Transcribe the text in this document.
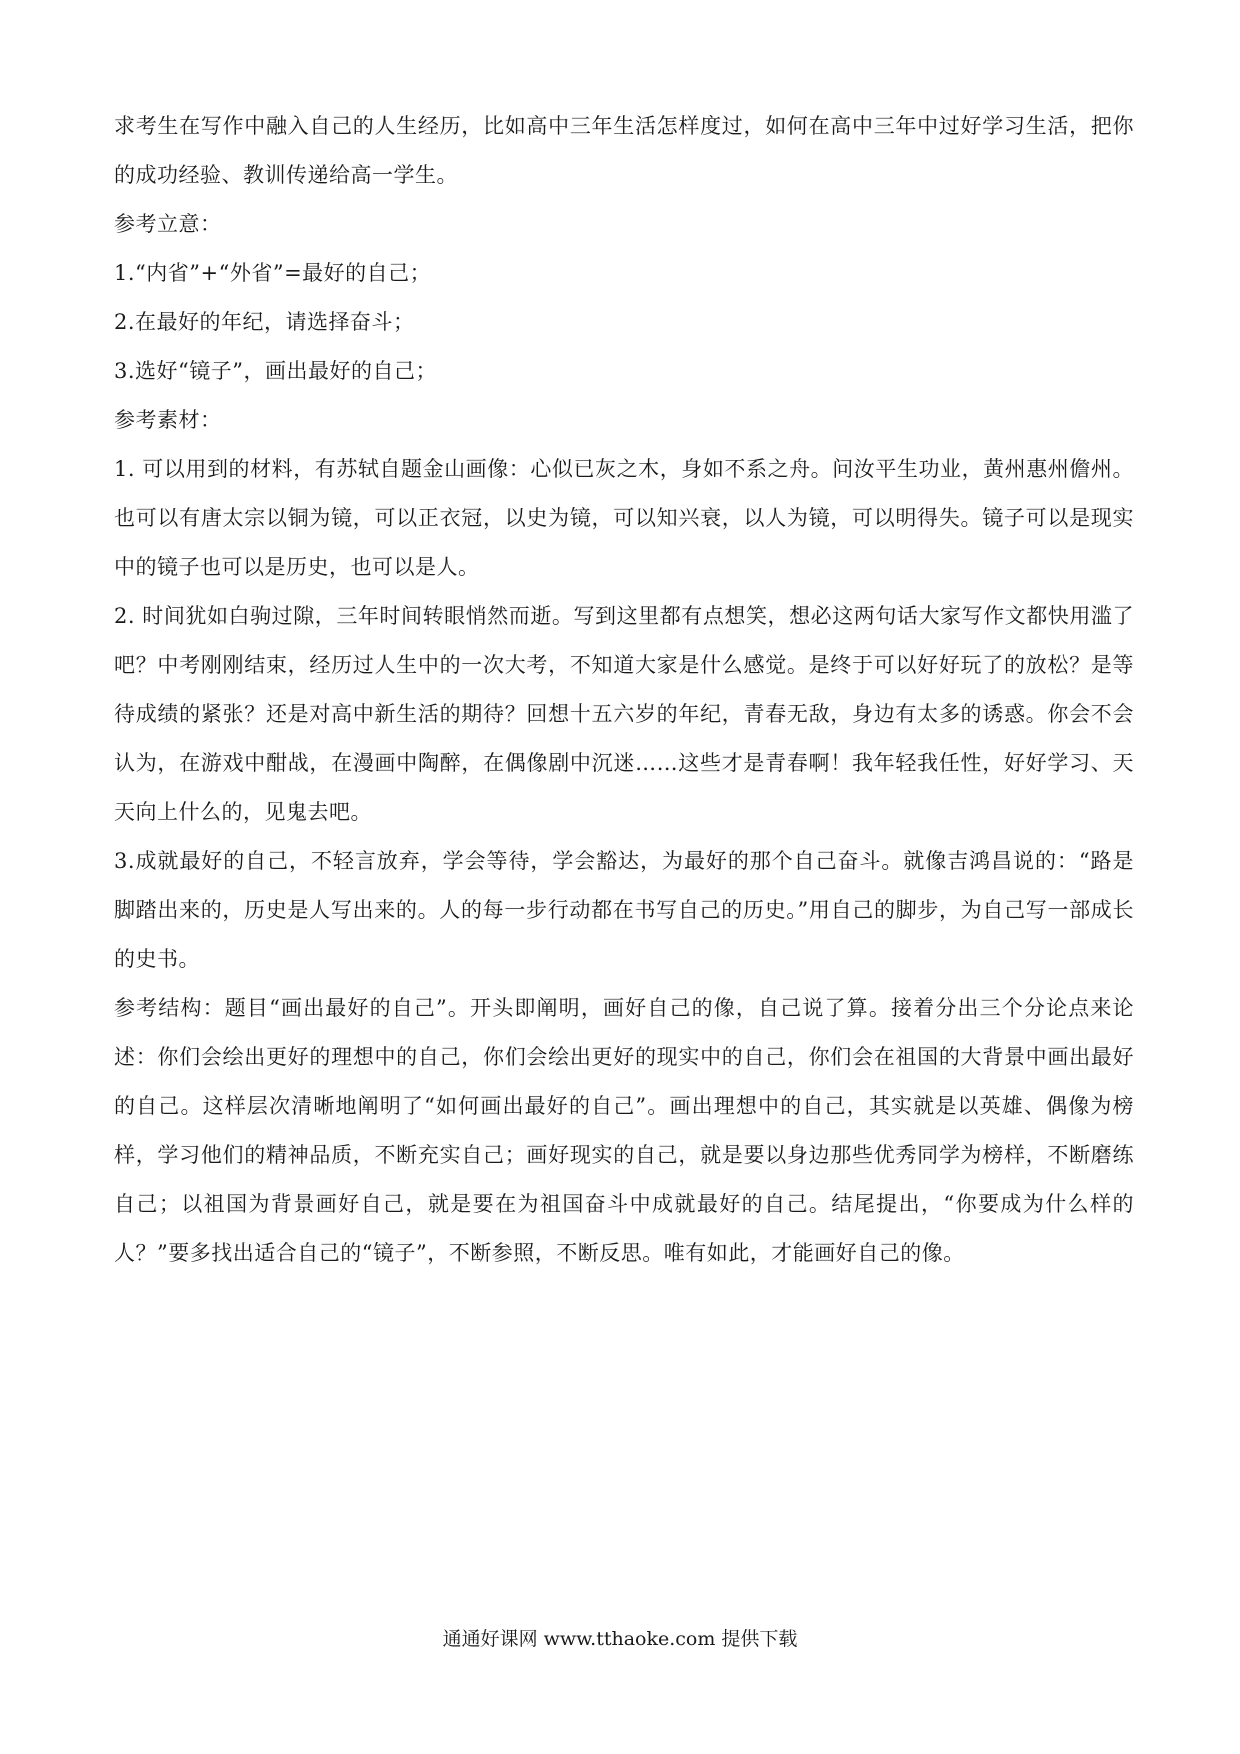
求考生在写作中融入自己的人生经历，比如高中三年生活怎样度过，如何在高中三年中过好学习生活，把你的成功经验、教训传递给高一学生。

参考立意：

1.“内省”+“外省”=最好的自己；

2.在最好的年纪，请选择奋斗；

3.选好“镜子”，画出最好的自己；

参考素材：

1. 可以用到的材料，有苏轼自题金山画像：心似已灰之木，身如不系之舟。问汝平生功业，黄州惠州儋州。也可以有唐太宗以铜为镜，可以正衣冠，以史为镜，可以知兴衰，以人为镜，可以明得失。镜子可以是现实中的镜子也可以是历史，也可以是人。

2. 时间犹如白驹过隙，三年时间转眼悄然而逝。写到这里都有点想笑，想必这两句话大家写作文都快用滥了吧？中考刚刚结束，经历过人生中的一次大考，不知道大家是什么感觉。是终于可以好好玩了的放松？是等待成绩的紧张？还是对高中新生活的期待？回想十五六岁的年纪，青春无敌，身边有太多的诱惑。你会不会认为，在游戏中酣战，在漫画中陶醉，在偶像剧中沉迷……这些才是青春啊！我年轻我任性，好好学习、天天向上什么的，见鬼去吧。

3.成就最好的自己，不轻言放弃，学会等待，学会豁达，为最好的那个自己奋斗。就像吉鸿昌说的：“路是脚踏出来的，历史是人写出来的。人的每一步行动都在书写自己的历史。”用自己的脚步，为自己写一部成长的史书。

参考结构：题目“画出最好的自己”。开头即阐明，画好自己的像，自己说了算。接着分出三个分论点来论述：你们会绘出更好的理想中的自己，你们会绘出更好的现实中的自己，你们会在祖国的大背景中画出最好的自己。这样层次清晰地阐明了“如何画出最好的自己”。画出理想中的自己，其实就是以英雄、偶像为榜样，学习他们的精神品质，不断充实自己；画好现实的自己，就是要以身边那些优秀同学为榜样，不断磨练自己；以祖国为背景画好自己，就是要在为祖国奋斗中成就最好的自己。结尾提出，“你要成为什么样的人？”要多找出适合自己的“镜子”，不断参照，不断反思。唯有如此，才能画好自己的像。

通通好课网 www.tthaoke.com 提供下载
